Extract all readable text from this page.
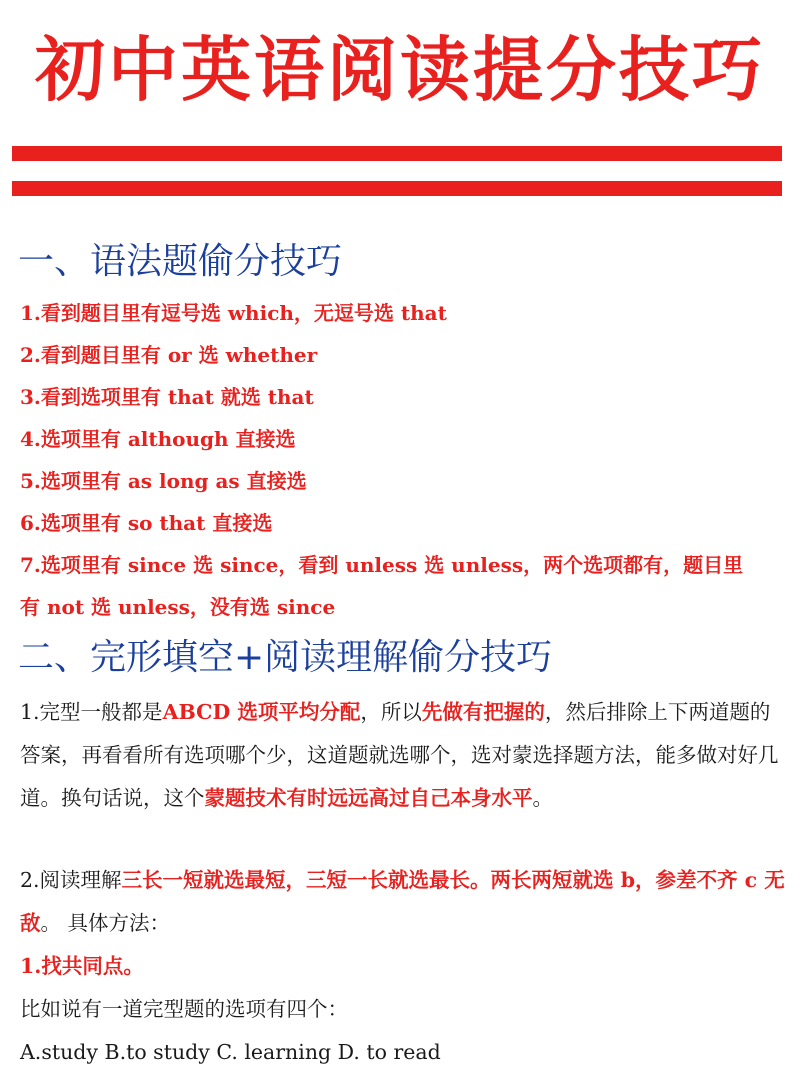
初中英语阅读提分技巧
一、语法题偷分技巧
1.看到题目里有逗号选 which，无逗号选 that
2.看到题目里有 or 选 whether
3.看到选项里有 that 就选 that
4.选项里有 although 直接选
5.选项里有 as long as 直接选
6.选项里有 so that 直接选
7.选项里有 since 选 since，看到 unless 选 unless，两个选项都有，题目里
有 not 选 unless，没有选 since
二、完形填空+阅读理解偷分技巧

1.完型一般都是ABCD 选项平均分配，所以先做有把握的，然后排除上下两道题的答案，再看看所有选项哪个少，这道题就选哪个，选对蒙选择题方法，能多做对好几道。换句话说，这个蒙题技术有时远远高过自己本身水平。

2.阅读理解三长一短就选最短，三短一长就选最长。两长两短就选 b，参差不齐 c 无敌。 具体方法：

1.找共同点。

比如说有一道完型题的选项有四个：

A.study B.to study C. learning D. to read
